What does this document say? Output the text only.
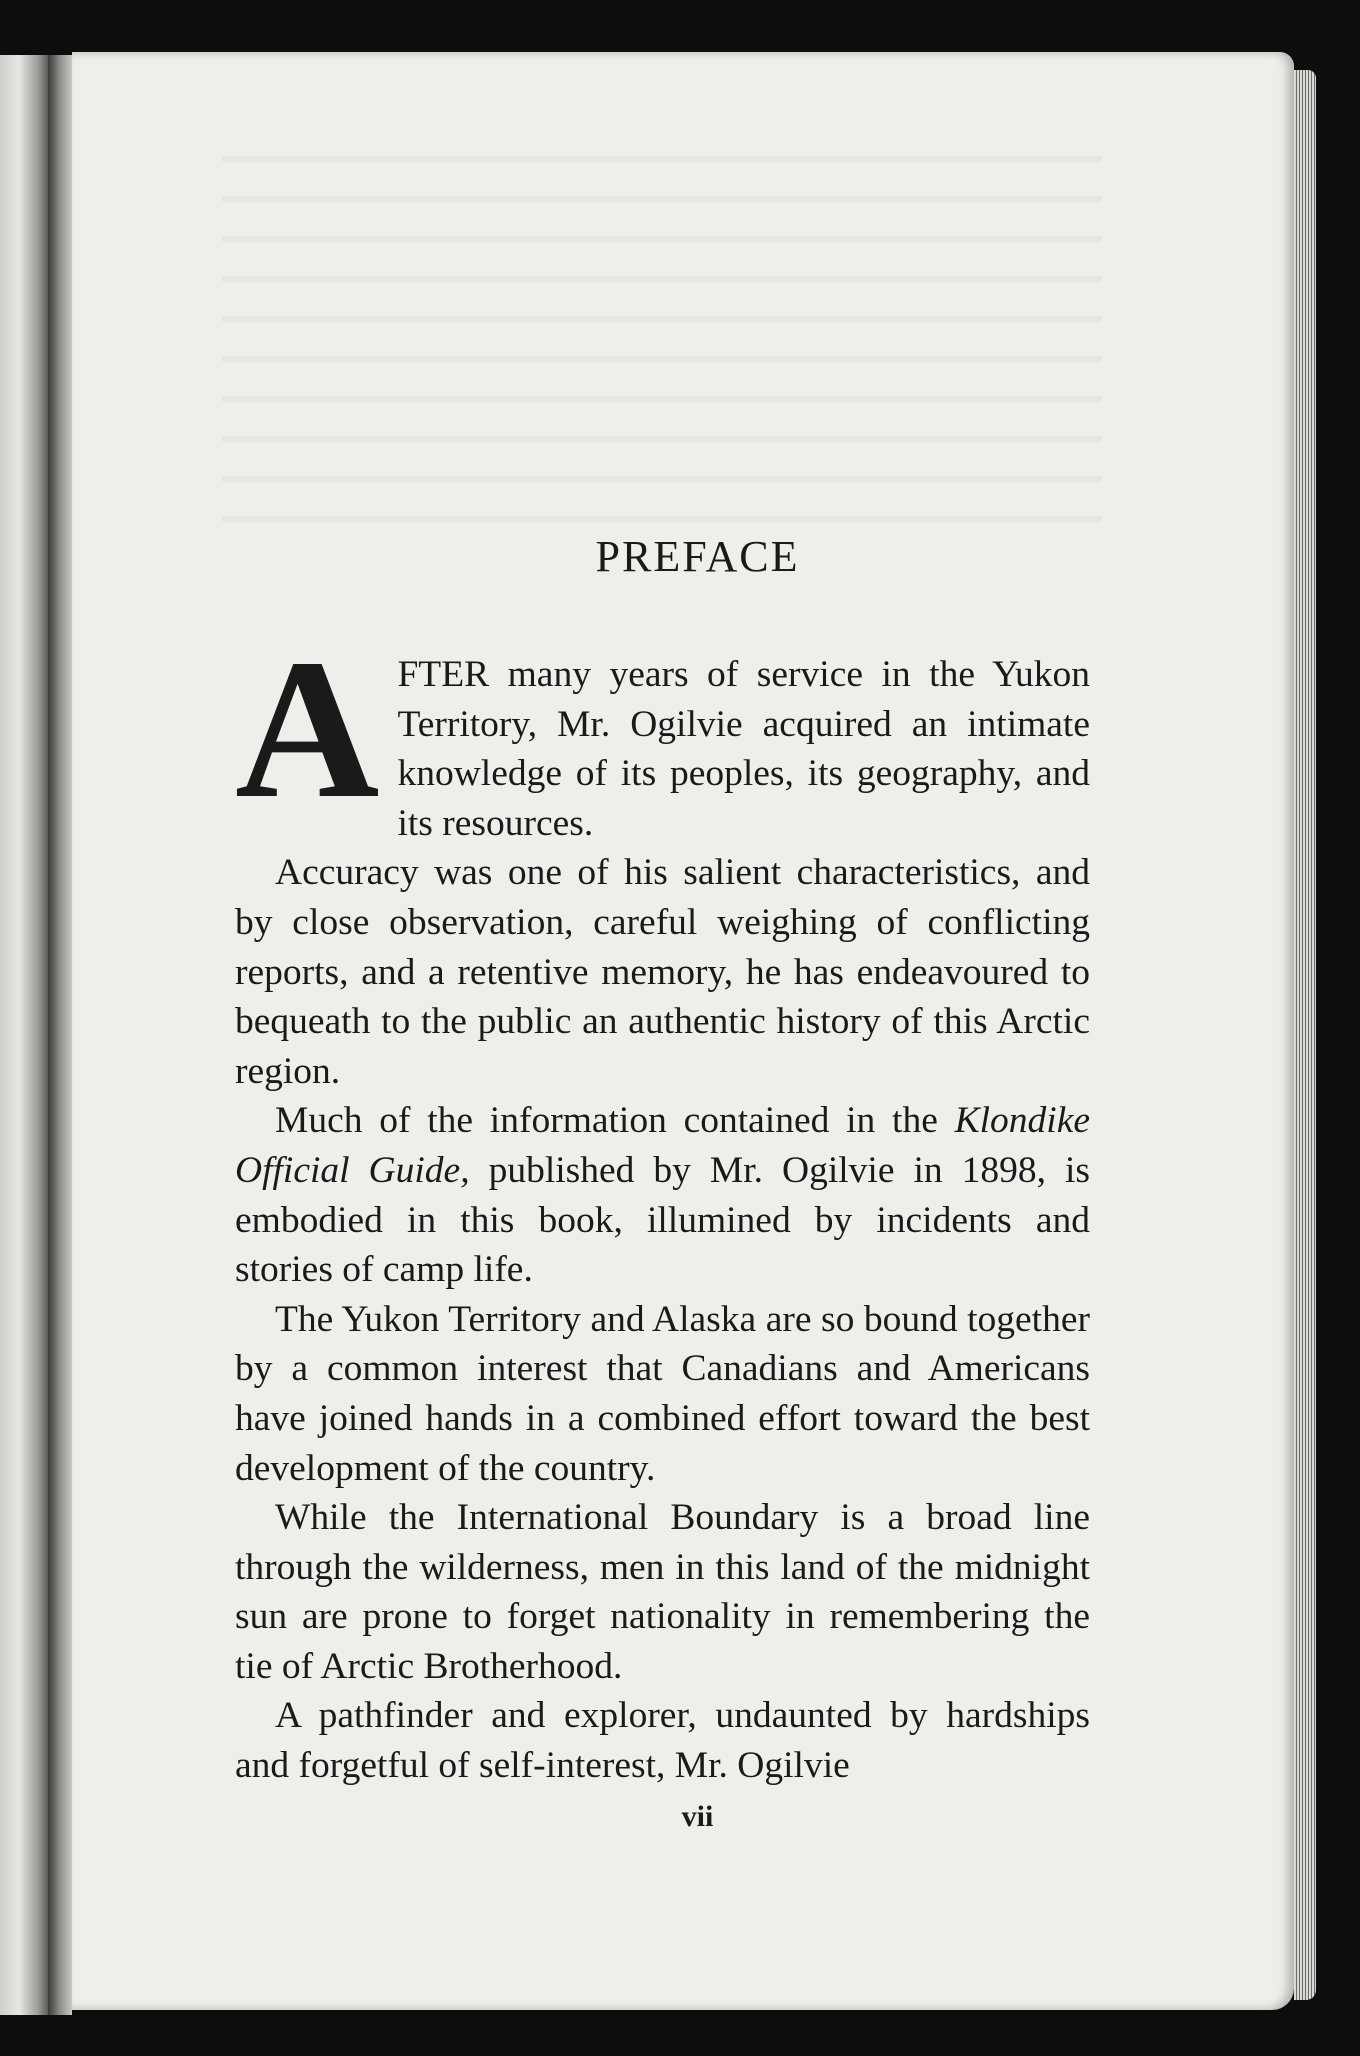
PREFACE

AFTER many years of service in the Yukon Territory, Mr. Ogilvie acquired an intimate knowledge of its peoples, its geography, and its resources.

Accuracy was one of his salient characteristics, and by close observation, careful weighing of conflicting reports, and a retentive memory, he has endeavoured to bequeath to the public an authentic history of this Arctic region.

Much of the information contained in the Klondike Official Guide, published by Mr. Ogilvie in 1898, is embodied in this book, illumined by incidents and stories of camp life.

The Yukon Territory and Alaska are so bound together by a common interest that Canadians and Americans have joined hands in a combined effort toward the best development of the country.

While the International Boundary is a broad line through the wilderness, men in this land of the midnight sun are prone to forget nationality in remembering the tie of Arctic Brotherhood.

A pathfinder and explorer, undaunted by hardships and forgetful of self-interest, Mr. Ogilvie

vii
